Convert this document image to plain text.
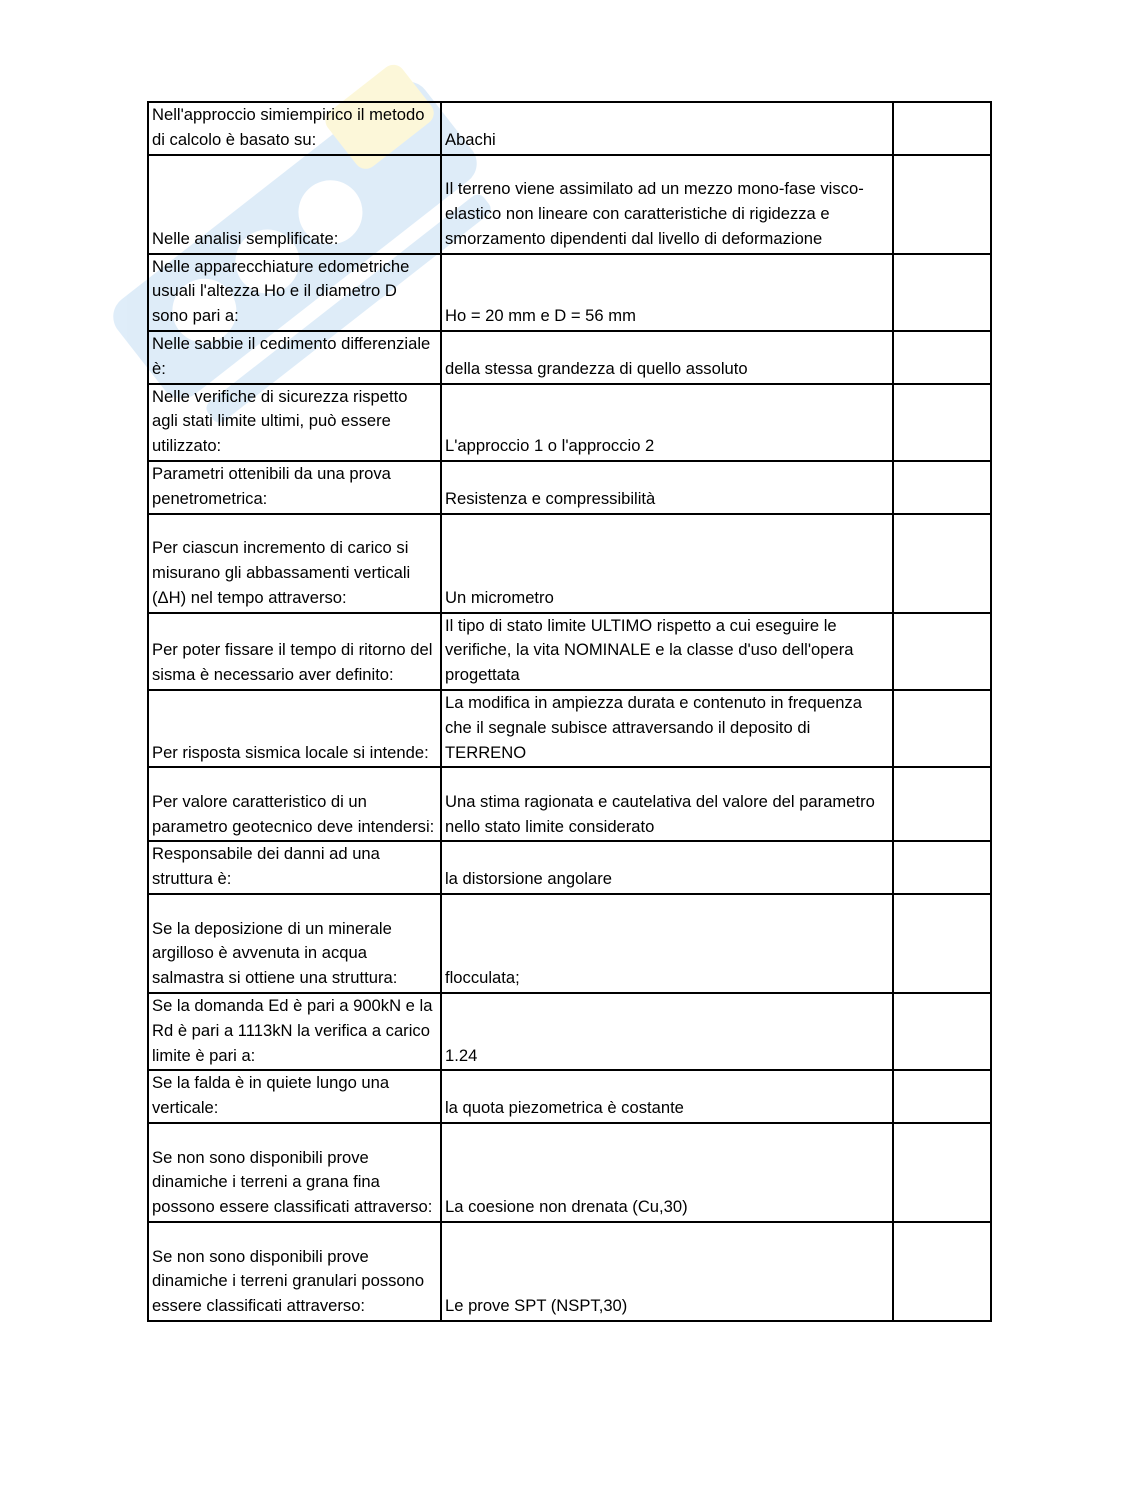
Nell'approccio simiempirico il metodo di calcolo è basato su:	Abachi	
Nelle analisi semplificate:	Il terreno viene assimilato ad un mezzo mono-fase visco-elastico non lineare con caratteristiche di rigidezza e smorzamento dipendenti dal livello di deformazione	
Nelle apparecchiature edometriche usuali l'altezza Ho e il diametro D sono pari a:	Ho = 20 mm e D = 56 mm	
Nelle sabbie il cedimento differenziale è:	della stessa grandezza di quello assoluto	
Nelle verifiche di sicurezza rispetto agli stati limite ultimi, può essere utilizzato:	L'approccio 1 o l'approccio 2	
Parametri ottenibili da una prova penetrometrica:	Resistenza e compressibilità	
Per ciascun incremento di carico si misurano gli abbassamenti verticali (ΔH) nel tempo attraverso:	Un micrometro	
Per poter fissare il tempo di ritorno del sisma è necessario aver definito:	Il tipo di stato limite ULTIMO rispetto a cui eseguire le verifiche, la vita NOMINALE e la classe d'uso dell'opera progettata	
Per risposta sismica locale si intende:	La modifica in ampiezza durata e contenuto in frequenza che il segnale subisce attraversando il deposito di TERRENO	
Per valore caratteristico di un parametro geotecnico deve intendersi:	Una stima ragionata e cautelativa del valore del parametro nello stato limite considerato	
Responsabile dei danni ad una struttura è:	la distorsione angolare	
Se la deposizione di un minerale argilloso è avvenuta in acqua salmastra si ottiene una struttura:	flocculata;	
Se la domanda Ed è pari a 900kN e la Rd è pari a 1113kN la verifica a carico limite è pari a:	1.24	
Se la falda è in quiete lungo una verticale:	la quota piezometrica è costante	
Se non sono disponibili prove dinamiche i terreni a grana fina possono essere classificati attraverso:	La coesione non drenata (Cu,30)	
Se non sono disponibili prove dinamiche i terreni granulari possono essere classificati attraverso:	Le prove SPT (NSPT,30)	
